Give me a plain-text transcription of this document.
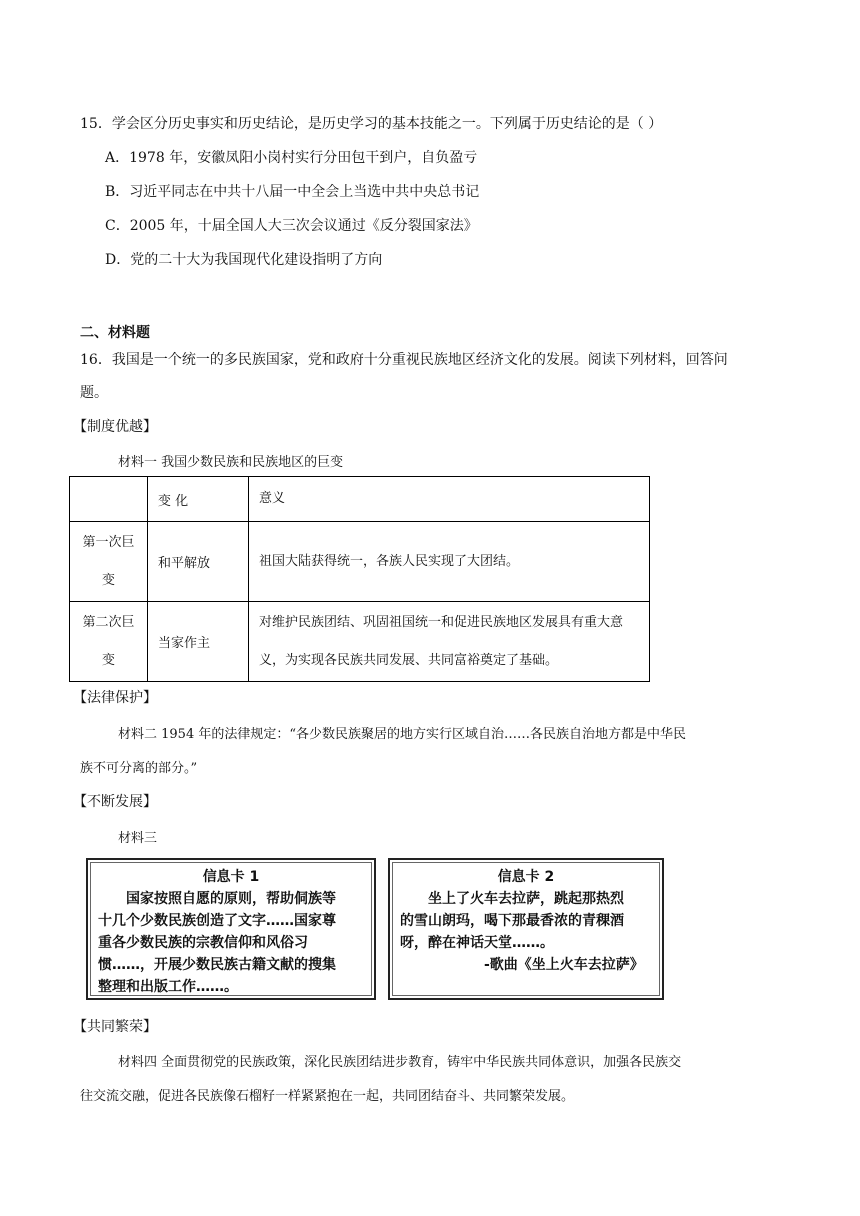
15．学会区分历史事实和历史结论，是历史学习的基本技能之一。下列属于历史结论的是（ ）
A．1978 年，安徽凤阳小岗村实行分田包干到户，自负盈亏
B．习近平同志在中共十八届一中全会上当选中共中央总书记
C．2005 年，十届全国人大三次会议通过《反分裂国家法》
D．党的二十大为我国现代化建设指明了方向
二、材料题
16．我国是一个统一的多民族国家，党和政府十分重视民族地区经济文化的发展。阅读下列材料，回答问
题。
【制度优越】
材料一 我国少数民族和民族地区的巨变
	变 化	意义
第一次巨
变	和平解放	祖国大陆获得统一，各族人民实现了大团结。
第二次巨
变	当家作主	对维护民族团结、巩固祖国统一和促进民族地区发展具有重大意义，为实现各民族共同发展、共同富裕奠定了基础。
【法律保护】
材料二 1954 年的法律规定：“各少数民族聚居的地方实行区域自治……各民族自治地方都是中华民
族不可分离的部分。”
【不断发展】
材料三
信息卡 1
　　国家按照自愿的原则，帮助侗族等
十几个少数民族创造了文字……国家尊
重各少数民族的宗教信仰和风俗习
惯……，开展少数民族古籍文献的搜集
整理和出版工作……。
信息卡 2
　　坐上了火车去拉萨，跳起那热烈
的雪山朗玛，喝下那最香浓的青稞酒
呀，醉在神话天堂……。
　　　　　　-歌曲《坐上火车去拉萨》
【共同繁荣】
材料四 全面贯彻党的民族政策，深化民族团结进步教育，铸牢中华民族共同体意识，加强各民族交
往交流交融，促进各民族像石榴籽一样紧紧抱在一起，共同团结奋斗、共同繁荣发展。
